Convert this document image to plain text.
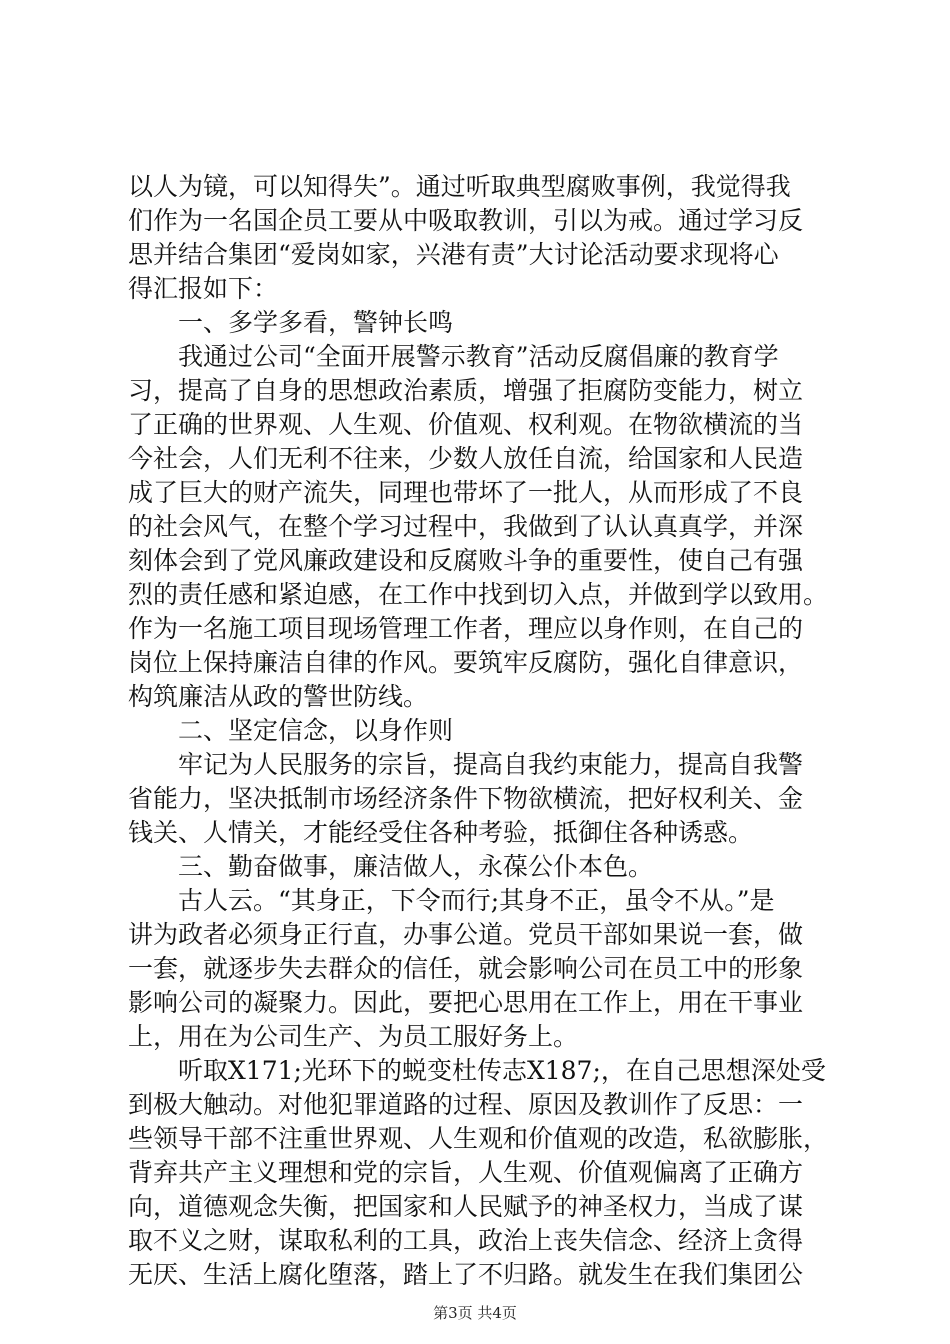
以人为镜，可以知得失”。通过听取典型腐败事例，我觉得我
们作为一名国企员工要从中吸取教训，引以为戒。通过学习反
思并结合集团“爱岗如家，兴港有责”大讨论活动要求现将心
得汇报如下：
　　一、多学多看，警钟长鸣
　　我通过公司“全面开展警示教育”活动反腐倡廉的教育学
习，提高了自身的思想政治素质，增强了拒腐防变能力，树立
了正确的世界观、人生观、价值观、权利观。在物欲横流的当
今社会，人们无利不往来，少数人放任自流，给国家和人民造
成了巨大的财产流失，同理也带坏了一批人，从而形成了不良
的社会风气，在整个学习过程中，我做到了认认真真学，并深
刻体会到了党风廉政建设和反腐败斗争的重要性，使自己有强
烈的责任感和紧迫感，在工作中找到切入点，并做到学以致用。
作为一名施工项目现场管理工作者，理应以身作则，在自己的
岗位上保持廉洁自律的作风。要筑牢反腐防，强化自律意识，
构筑廉洁从政的警世防线。
　　二、坚定信念，以身作则
　　牢记为人民服务的宗旨，提高自我约束能力，提高自我警
省能力，坚决抵制市场经济条件下物欲横流，把好权利关、金
钱关、人情关，才能经受住各种考验，抵御住各种诱惑。
　　三、勤奋做事，廉洁做人，永葆公仆本色。
　　古人云。“其身正，下令而行;其身不正，虽令不从。”是
讲为政者必须身正行直，办事公道。党员干部如果说一套，做
一套，就逐步失去群众的信任，就会影响公司在员工中的形象
影响公司的凝聚力。因此，要把心思用在工作上，用在干事业
上，用在为公司生产、为员工服好务上。
　　听取X171;光环下的蜕变杜传志X187;，在自己思想深处受
到极大触动。对他犯罪道路的过程、原因及教训作了反思：一
些领导干部不注重世界观、人生观和价值观的改造，私欲膨胀，
背弃共产主义理想和党的宗旨，人生观、价值观偏离了正确方
向，道德观念失衡，把国家和人民赋予的神圣权力，当成了谋
取不义之财，谋取私利的工具，政治上丧失信念、经济上贪得
无厌、生活上腐化堕落，踏上了不归路。就发生在我们集团公
第3页 共4页
